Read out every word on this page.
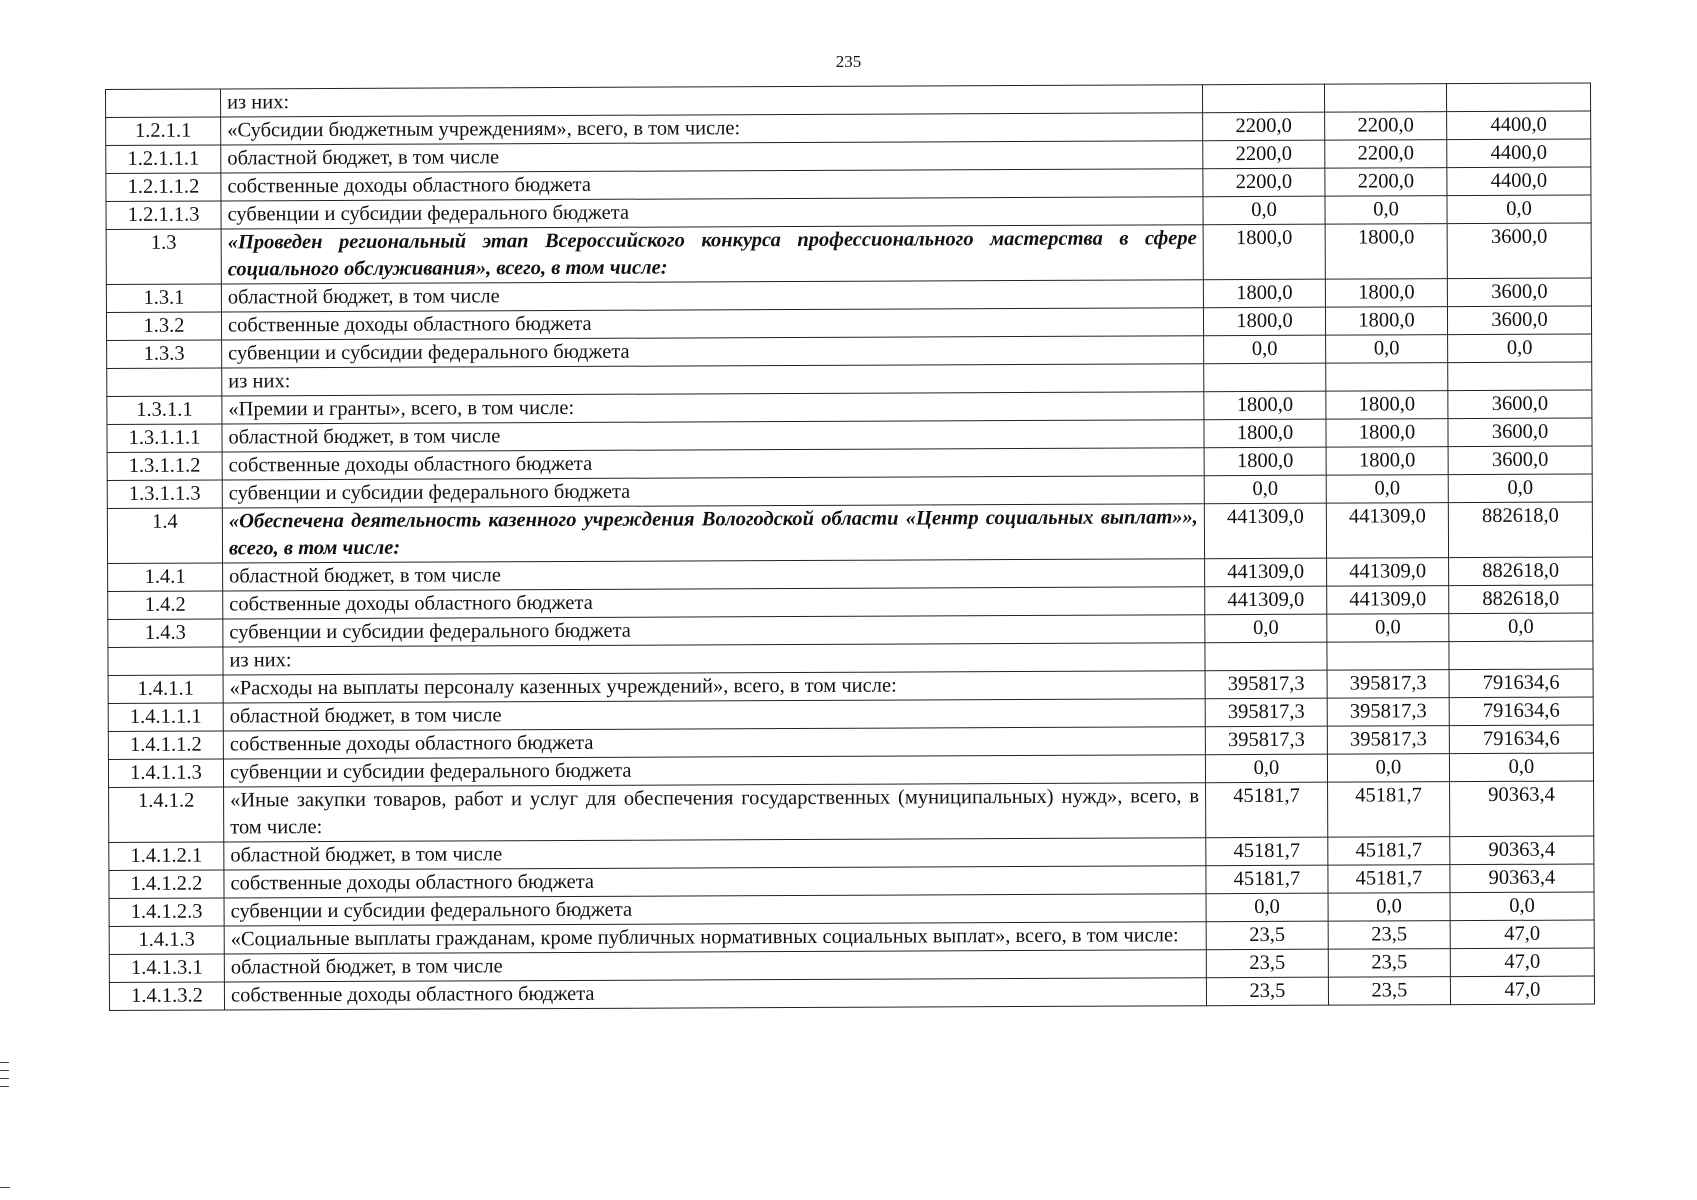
235
	из них:			
1.2.1.1	«Субсидии бюджетным учреждениям», всего, в том числе:	2200,0	2200,0	4400,0
1.2.1.1.1	областной бюджет, в том числе	2200,0	2200,0	4400,0
1.2.1.1.2	собственные доходы областного бюджета	2200,0	2200,0	4400,0
1.2.1.1.3	субвенции и субсидии федерального бюджета	0,0	0,0	0,0
1.3	«Проведен региональный этап Всероссийского конкурса профессионального мастерства в сфере социального обслуживания», всего, в том числе:	1800,0	1800,0	3600,0
1.3.1	областной бюджет, в том числе	1800,0	1800,0	3600,0
1.3.2	собственные доходы областного бюджета	1800,0	1800,0	3600,0
1.3.3	субвенции и субсидии федерального бюджета	0,0	0,0	0,0
	из них:			
1.3.1.1	«Премии и гранты», всего, в том числе:	1800,0	1800,0	3600,0
1.3.1.1.1	областной бюджет, в том числе	1800,0	1800,0	3600,0
1.3.1.1.2	собственные доходы областного бюджета	1800,0	1800,0	3600,0
1.3.1.1.3	субвенции и субсидии федерального бюджета	0,0	0,0	0,0
1.4	«Обеспечена деятельность казенного учреждения Вологодской области «Центр социальных выплат»», всего, в том числе:	441309,0	441309,0	882618,0
1.4.1	областной бюджет, в том числе	441309,0	441309,0	882618,0
1.4.2	собственные доходы областного бюджета	441309,0	441309,0	882618,0
1.4.3	субвенции и субсидии федерального бюджета	0,0	0,0	0,0
	из них:			
1.4.1.1	«Расходы на выплаты персоналу казенных учреждений», всего, в том числе:	395817,3	395817,3	791634,6
1.4.1.1.1	областной бюджет, в том числе	395817,3	395817,3	791634,6
1.4.1.1.2	собственные доходы областного бюджета	395817,3	395817,3	791634,6
1.4.1.1.3	субвенции и субсидии федерального бюджета	0,0	0,0	0,0
1.4.1.2	«Иные закупки товаров, работ и услуг для обеспечения государственных (муниципальных) нужд», всего, в том числе:	45181,7	45181,7	90363,4
1.4.1.2.1	областной бюджет, в том числе	45181,7	45181,7	90363,4
1.4.1.2.2	собственные доходы областного бюджета	45181,7	45181,7	90363,4
1.4.1.2.3	субвенции и субсидии федерального бюджета	0,0	0,0	0,0
1.4.1.3	«Социальные выплаты гражданам, кроме публичных нормативных социальных выплат», всего, в том числе:	23,5	23,5	47,0
1.4.1.3.1	областной бюджет, в том числе	23,5	23,5	47,0
1.4.1.3.2	собственные доходы областного бюджета	23,5	23,5	47,0
